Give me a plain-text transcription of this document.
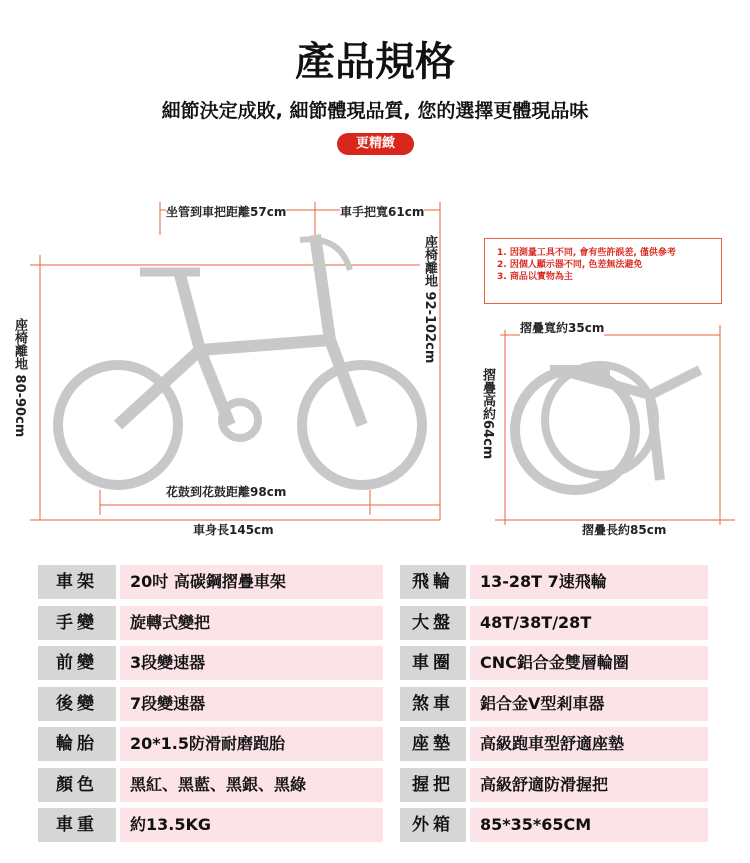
產品規格
細節決定成敗, 細節體現品質, 您的選擇更體現品味
更精緻
坐管到車把距離57cm	車手把寬61cm
座椅離地 92-102cm
座椅離地 80-90cm
花鼓到花鼓距離98cm
車身長145cm
摺疊寬約35cm
摺疊高約64cm
摺疊長約85cm
1. 因測量工具不同, 會有些許誤差, 僅供參考
2. 因個人顯示器不同, 色差無法避免
3. 商品以實物為主
車架	20吋 高碳鋼摺疊車架	飛輪	13-28T 7速飛輪
手變	旋轉式變把	大盤	48T/38T/28T
前變	3段變速器	車圈	CNC鋁合金雙層輪圈
後變	7段變速器	煞車	鋁合金V型剎車器
輪胎	20*1.5防滑耐磨跑胎	座墊	高級跑車型舒適座墊
顏色	黑紅、黑藍、黑銀、黑綠	握把	高級舒適防滑握把
車重	約13.5KG	外箱	85*35*65CM
